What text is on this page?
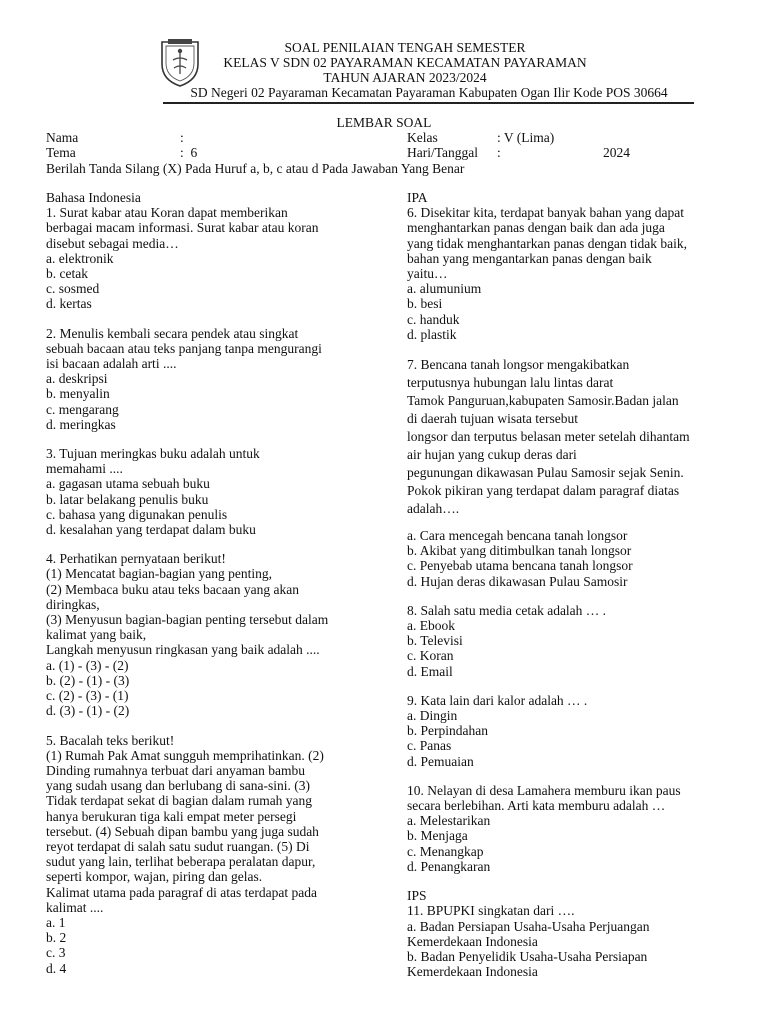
SOAL PENILAIAN TENGAH SEMESTER
KELAS V SDN 02 PAYARAMAN KECAMATAN PAYARAMAN
TAHUN AJARAN 2023/2024
SD Negeri 02 Payaraman Kecamatan Payaraman Kabupaten Ogan Ilir Kode POS 30664
LEMBAR SOAL
Nama	:
Tema	:  6
Kelas	: V (Lima)
Hari/Tanggal :	2024
Berilah Tanda Silang (X) Pada Huruf a, b, c atau d Pada Jawaban Yang Benar
Bahasa Indonesia
1. Surat kabar atau Koran dapat memberikan
berbagai macam informasi. Surat kabar atau koran
disebut sebagai media…
a. elektronik
b. cetak
c. sosmed
d. kertas
2. Menulis kembali secara pendek atau singkat
sebuah bacaan atau teks panjang tanpa mengurangi
isi bacaan adalah arti ....
a. deskripsi
b. menyalin
c. mengarang
d. meringkas
3. Tujuan meringkas buku adalah untuk
memahami ....
a. gagasan utama sebuah buku
b. latar belakang penulis buku
c. bahasa yang digunakan penulis
d. kesalahan yang terdapat dalam buku
4. Perhatikan pernyataan berikut!
(1) Mencatat bagian-bagian yang penting,
(2) Membaca buku atau teks bacaan yang akan
diringkas,
(3) Menyusun bagian-bagian penting tersebut dalam
kalimat yang baik,
Langkah menyusun ringkasan yang baik adalah ....
a. (1) - (3) - (2)
b. (2) - (1) - (3)
c. (2) - (3) - (1)
d. (3) - (1) - (2)
5. Bacalah teks berikut!
(1) Rumah Pak Amat sungguh memprihatinkan. (2)
Dinding rumahnya terbuat dari anyaman bambu
yang sudah usang dan berlubang di sana-sini. (3)
Tidak terdapat sekat di bagian dalam rumah yang
hanya berukuran tiga kali empat meter persegi
tersebut. (4) Sebuah dipan bambu yang juga sudah
reyot terdapat di salah satu sudut ruangan. (5) Di
sudut yang lain, terlihat beberapa peralatan dapur,
seperti kompor, wajan, piring dan gelas.
Kalimat utama pada paragraf di atas terdapat pada
kalimat ....
a. 1
b. 2
c. 3
d. 4
IPA
6. Disekitar kita, terdapat banyak bahan yang dapat
menghantarkan panas dengan baik dan ada juga
yang tidak menghantarkan panas dengan tidak baik,
bahan yang mengantarkan panas dengan baik
yaitu…
a. alumunium
b. besi
c. handuk
d. plastik
7. Bencana tanah longsor mengakibatkan
terputusnya hubungan lalu lintas darat
Tamok Panguruan,kabupaten Samosir.Badan jalan
di daerah tujuan wisata tersebut
longsor dan terputus belasan meter setelah dihantam
air hujan yang cukup deras dari
pegunungan dikawasan Pulau Samosir sejak Senin.
Pokok pikiran yang terdapat dalam paragraf diatas
adalah….
a. Cara mencegah bencana tanah longsor
b. Akibat yang ditimbulkan tanah longsor
c. Penyebab utama bencana tanah longsor
d. Hujan deras dikawasan Pulau Samosir
8. Salah satu media cetak adalah … .
a. Ebook
b. Televisi
c. Koran
d. Email
9. Kata lain dari kalor adalah … .
a. Dingin
b. Perpindahan
c. Panas
d. Pemuaian
10. Nelayan di desa Lamahera memburu ikan paus
secara berlebihan. Arti kata memburu adalah …
a. Melestarikan
b. Menjaga
c. Menangkap
d. Penangkaran
IPS
11. BPUPKI singkatan dari ….
a. Badan Persiapan Usaha-Usaha Perjuangan
Kemerdekaan Indonesia
b. Badan Penyelidik Usaha-Usaha Persiapan
Kemerdekaan Indonesia
